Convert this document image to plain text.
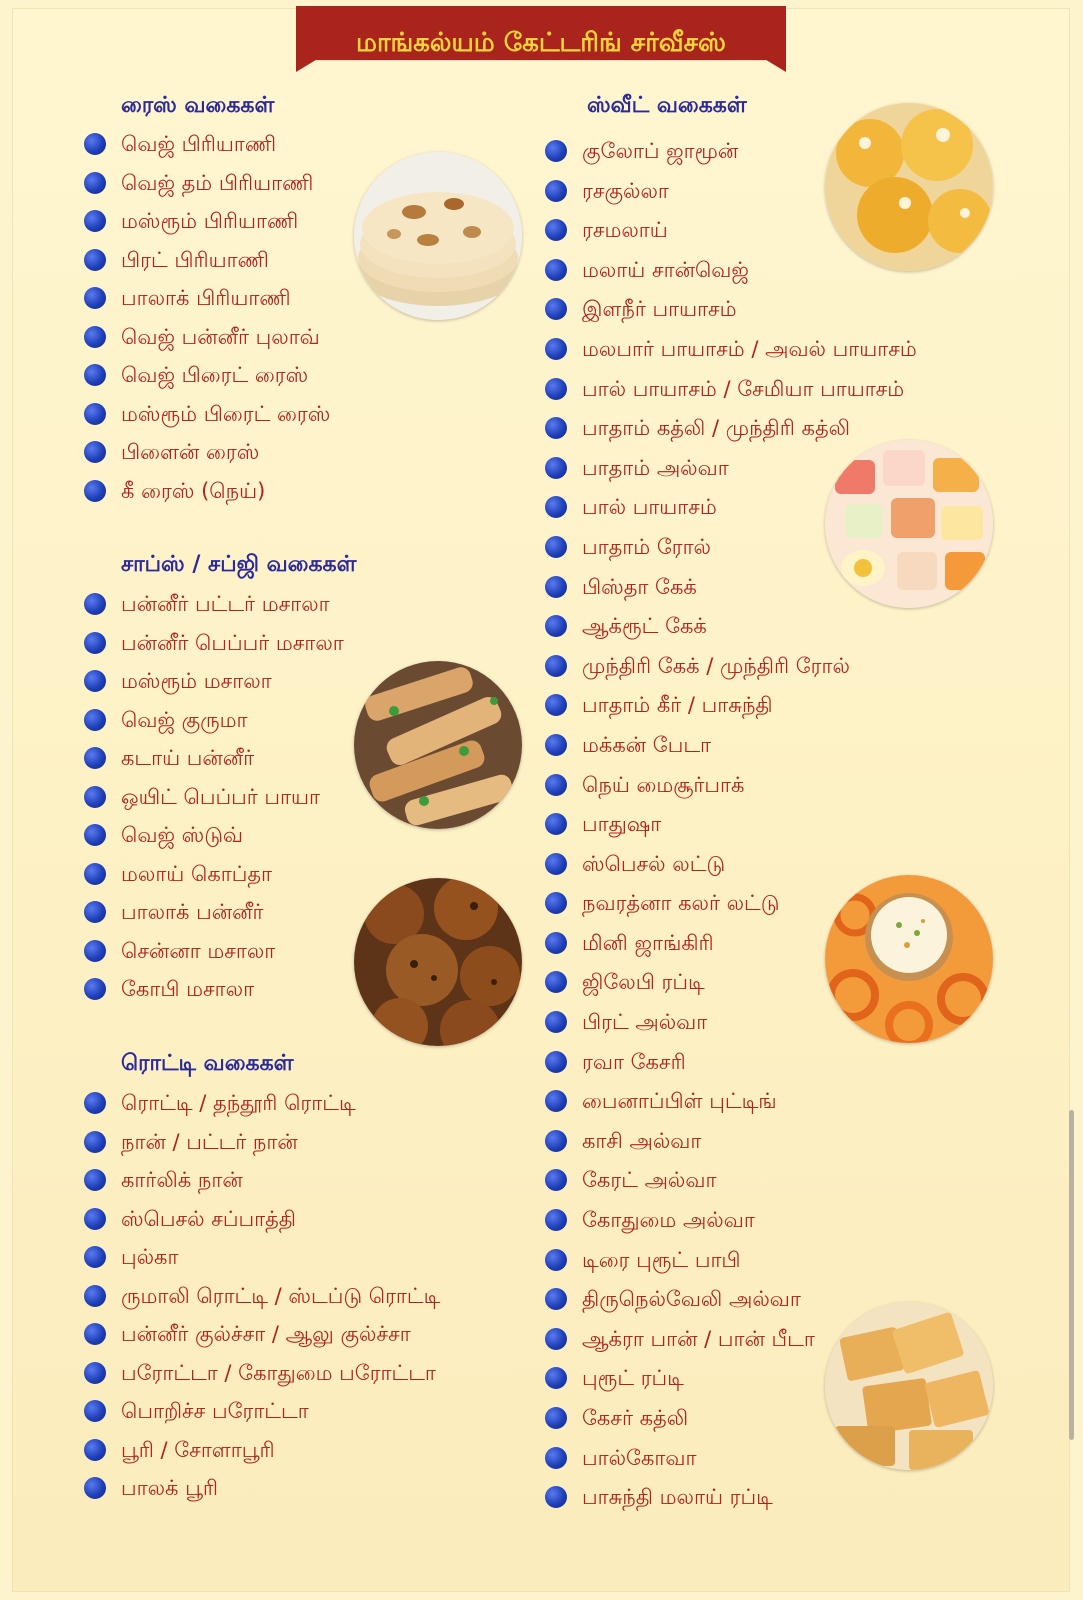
மாங்கல்யம் கேட்டரிங் சர்வீசஸ்
ரைஸ் வகைகள்
வெஜ் பிரியாணி
வெஜ் தம் பிரியாணி
மஸ்ரூம் பிரியாணி
பிரட் பிரியாணி
பாலாக் பிரியாணி
வெஜ் பன்னீர் புலாவ்
வெஜ் பிரைட் ரைஸ்
மஸ்ரூம் பிரைட் ரைஸ்
பிளைன் ரைஸ்
கீ ரைஸ் (நெய்)
சாப்ஸ் / சப்ஜி வகைகள்
பன்னீர் பட்டர் மசாலா
பன்னீர் பெப்பர் மசாலா
மஸ்ரூம் மசாலா
வெஜ் குருமா
கடாய் பன்னீர்
ஒயிட் பெப்பர் பாயா
வெஜ் ஸ்டுவ்
மலாய் கொப்தா
பாலாக் பன்னீர்
சென்னா மசாலா
கோபி மசாலா
ரொட்டி வகைகள்
ரொட்டி / தந்தூரி ரொட்டி
நான் / பட்டர் நான்
கார்லிக் நான்
ஸ்பெசல் சப்பாத்தி
புல்கா
ருமாலி ரொட்டி / ஸ்டப்டு ரொட்டி
பன்னீர் குல்ச்சா / ஆலு குல்ச்சா
பரோட்டா / கோதுமை பரோட்டா
பொறிச்ச பரோட்டா
பூரி / சோளாபூரி
பாலக் பூரி
ஸ்வீட் வகைகள்
குலோப் ஜாமூன்
ரசகுல்லா
ரசமலாய்
மலாய் சான்வெஜ்
இளநீர் பாயாசம்
மலபார் பாயாசம் / அவல் பாயாசம்
பால் பாயாசம் / சேமியா பாயாசம்
பாதாம் கத்லி / முந்திரி கத்லி
பாதாம் அல்வா
பால் பாயாசம்
பாதாம் ரோல்
பிஸ்தா கேக்
ஆக்ரூட் கேக்
முந்திரி கேக் / முந்திரி ரோல்
பாதாம் கீர் / பாசுந்தி
மக்கன் பேடா
நெய் மைசூர்பாக்
பாதுஷா
ஸ்பெசல் லட்டு
நவரத்னா கலர் லட்டு
மினி ஜாங்கிரி
ஜிலேபி ரப்டி
பிரட் அல்வா
ரவா கேசரி
பைனாப்பிள் புட்டிங்
காசி அல்வா
கேரட் அல்வா
கோதுமை அல்வா
டிரை புரூட் பாபி
திருநெல்வேலி அல்வா
ஆக்ரா பான் / பான் பீடா
புரூட் ரப்டி
கேசர் கத்லி
பால்கோவா
பாசுந்தி மலாய் ரப்டி
